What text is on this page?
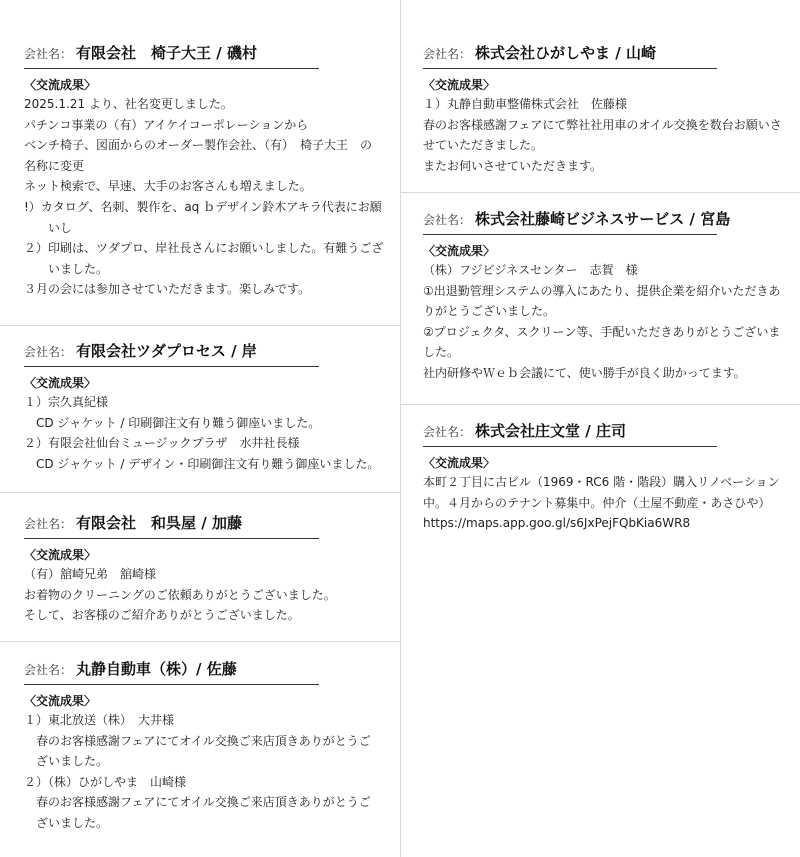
会社名： 有限会社　椅子大王 / 磯村
〈交流成果〉
2025.1.21 より、社名変更しました。
パチンコ事業の（有）アイケイコーポレーションから
ベンチ椅子、図面からのオーダー製作会社、（有）　椅子大王　の
名称に変更
ネット検索で、早速、大手のお客さんも増えました。
!）カタログ、名刺、製作を、aq ｂデザイン鈴木アキラ代表にお願いし
２）印刷は、ツダプロ、岸社長さんにお願いしました。有難うございました。
３月の会には参加させていただきます。楽しみです。
会社名： 有限会社ツダプロセス / 岸
〈交流成果〉
１）宗久真紀様
CD ジャケット / 印刷御注文有り難う御座いました。
２）有限会社仙台ミュージックプラザ　水井社長様
CD ジャケット / デザイン・印刷御注文有り難う御座いました。
会社名： 有限会社　和呉屋 / 加藤
〈交流成果〉
（有）舘崎兄弟　舘崎様
お着物のクリーニングのご依頼ありがとうございました。
そして、お客様のご紹介ありがとうございました。
会社名： 丸静自動車（株）/ 佐藤
〈交流成果〉
１）東北放送（株）　大井様
春のお客様感謝フェアにてオイル交換ご来店頂きありがとうございました。
２）（株）ひがしやま　山崎様
春のお客様感謝フェアにてオイル交換ご来店頂きありがとうございました。
会社名： 株式会社ひがしやま / 山崎
〈交流成果〉
１）丸静自動車整備株式会社　佐藤様
春のお客様感謝フェアにて弊社社用車のオイル交換を数台お願いさせていただきました。
またお伺いさせていただきます。
会社名： 株式会社藤崎ビジネスサービス / 宮島
〈交流成果〉
（株）フジビジネスセンター　志賀　様
①出退勤管理システムの導入にあたり、提供企業を紹介いただきありがとうございました。
②プロジェクタ、スクリーン等、手配いただきありがとうございました。
社内研修やＷｅｂ会議にて、使い勝手が良く助かってます。
会社名： 株式会社庄文堂 / 庄司
〈交流成果〉
本町２丁目に古ビル（1969・RC6 階・階段）購入リノベーション中。４月からのテナント募集中。仲介（土屋不動産・あさひや）
https://maps.app.goo.gl/s6JxPejFQbKia6WR8
